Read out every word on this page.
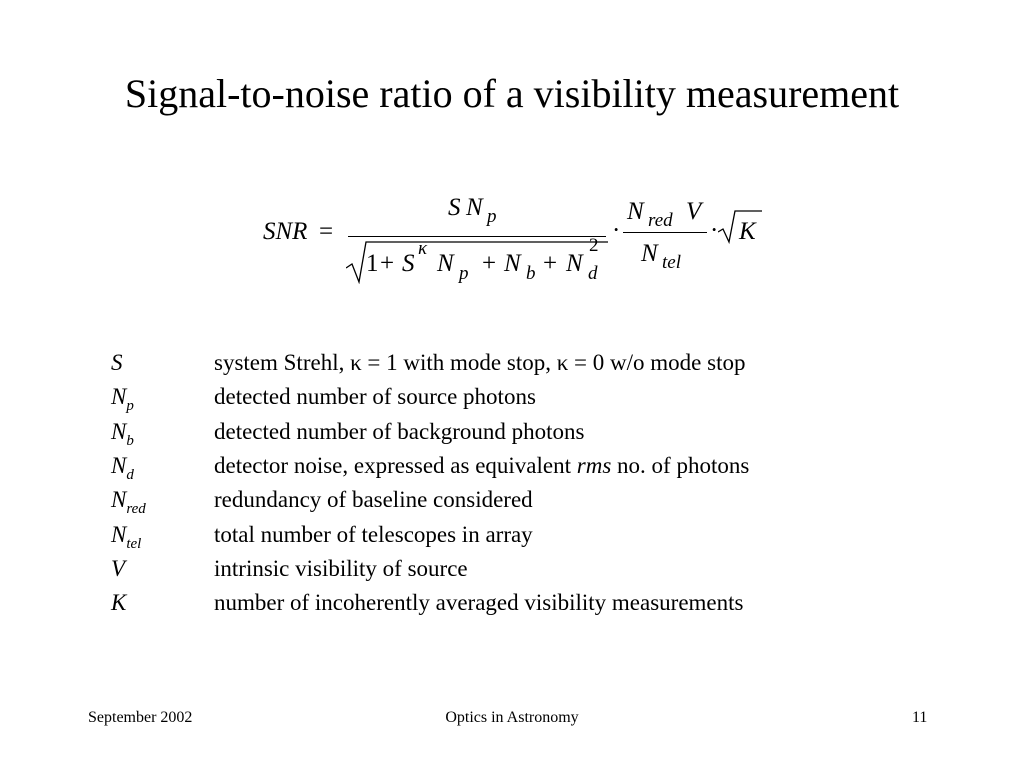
Signal-to-noise ratio of a visibility measurement
SNR =
S N p
1 + S
κ
N p + N b + N
2
d
·
N red V
N tel
· K
S	system Strehl, κ = 1 with mode stop, κ = 0 w/o mode stop
$N_p$	detected number of source photons
$N_b$	detected number of background photons
$N_d$	detector noise, expressed as equivalent rms no. of photons
$N_{red}$	redundancy of baseline considered
$N_{tel}$	total number of telescopes in array
V	intrinsic visibility of source
K	number of incoherently averaged visibility measurements
September 2002	Optics in Astronomy	11
